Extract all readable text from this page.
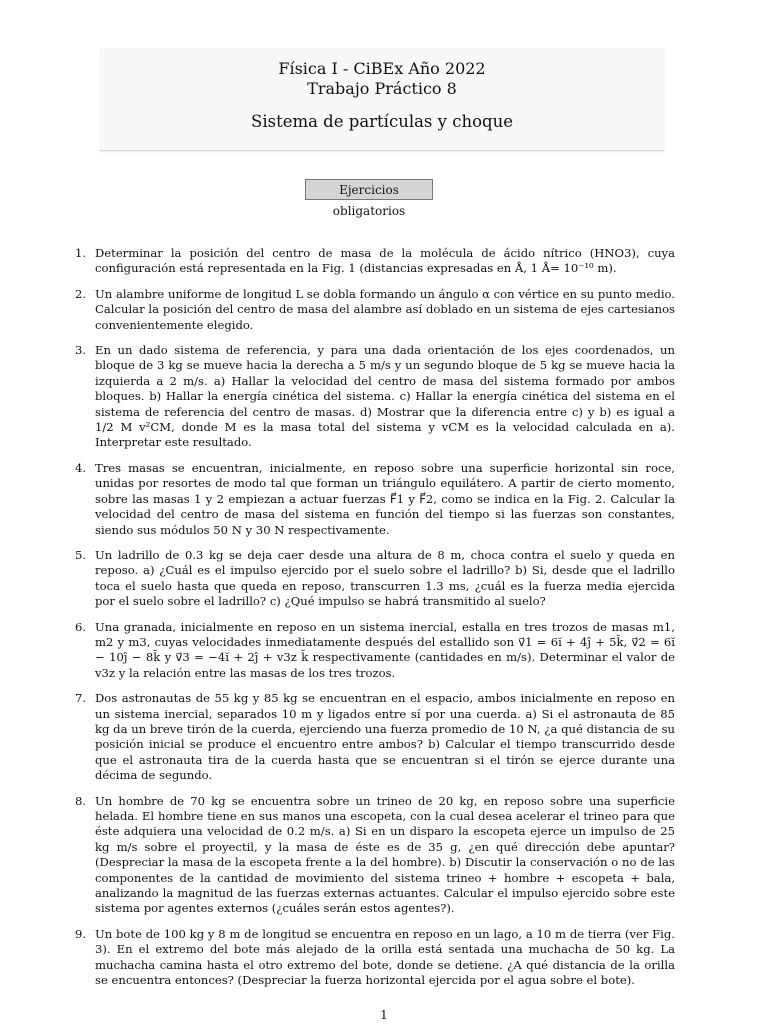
Física I - CiBEx Año 2022
Trabajo Práctico 8
Sistema de partículas y choque
Ejercicios obligatorios
1. Determinar la posición del centro de masa de la molécula de ácido nítrico (HNO3), cuya configuración está representada en la Fig. 1 (distancias expresadas en Å, 1 Å= 10⁻¹⁰ m).
2. Un alambre uniforme de longitud L se dobla formando un ángulo α con vértice en su punto medio. Calcular la posición del centro de masa del alambre así doblado en un sistema de ejes cartesianos convenientemente elegido.
3. En un dado sistema de referencia, y para una dada orientación de los ejes coordenados, un bloque de 3 kg se mueve hacia la derecha a 5 m/s y un segundo bloque de 5 kg se mueve hacia la izquierda a 2 m/s. a) Hallar la velocidad del centro de masa del sistema formado por ambos bloques. b) Hallar la energía cinética del sistema. c) Hallar la energía cinética del sistema en el sistema de referencia del centro de masas. d) Mostrar que la diferencia entre c) y b) es igual a 1/2 M v²CM, donde M es la masa total del sistema y vCM es la velocidad calculada en a). Interpretar este resultado.
4. Tres masas se encuentran, inicialmente, en reposo sobre una superficie horizontal sin roce, unidas por resortes de modo tal que forman un triángulo equilátero. A partir de cierto momento, sobre las masas 1 y 2 empiezan a actuar fuerzas F⃗1 y F⃗2, como se indica en la Fig. 2. Calcular la velocidad del centro de masa del sistema en función del tiempo si las fuerzas son constantes, siendo sus módulos 50 N y 30 N respectivamente.
5. Un ladrillo de 0.3 kg se deja caer desde una altura de 8 m, choca contra el suelo y queda en reposo. a) ¿Cuál es el impulso ejercido por el suelo sobre el ladrillo? b) Si, desde que el ladrillo toca el suelo hasta que queda en reposo, transcurren 1.3 ms, ¿cuál es la fuerza media ejercida por el suelo sobre el ladrillo? c) ¿Qué impulso se habrá transmitido al suelo?
6. Una granada, inicialmente en reposo en un sistema inercial, estalla en tres trozos de masas m1, m2 y m3, cuyas velocidades inmediatamente después del estallido son v⃗1 = 6ĭ + 4ĵ + 5k̆, v⃗2 = 6ĭ − 10ĵ − 8k̆ y v⃗3 = −4ĭ + 2ĵ + v3z k̆ respectivamente (cantidades en m/s). Determinar el valor de v3z y la relación entre las masas de los tres trozos.
7. Dos astronautas de 55 kg y 85 kg se encuentran en el espacio, ambos inicialmente en reposo en un sistema inercial, separados 10 m y ligados entre sí por una cuerda. a) Si el astronauta de 85 kg da un breve tirón de la cuerda, ejerciendo una fuerza promedio de 10 N, ¿a qué distancia de su posición inicial se produce el encuentro entre ambos? b) Calcular el tiempo transcurrido desde que el astronauta tira de la cuerda hasta que se encuentran si el tirón se ejerce durante una décima de segundo.
8. Un hombre de 70 kg se encuentra sobre un trineo de 20 kg, en reposo sobre una superficie helada. El hombre tiene en sus manos una escopeta, con la cual desea acelerar el trineo para que éste adquiera una velocidad de 0.2 m/s. a) Si en un disparo la escopeta ejerce un impulso de 25 kg m/s sobre el proyectil, y la masa de éste es de 35 g, ¿en qué dirección debe apuntar? (Despreciar la masa de la escopeta frente a la del hombre). b) Discutir la conservación o no de las componentes de la cantidad de movimiento del sistema trineo + hombre + escopeta + bala, analizando la magnitud de las fuerzas externas actuantes. Calcular el impulso ejercido sobre este sistema por agentes externos (¿cuáles serán estos agentes?).
9. Un bote de 100 kg y 8 m de longitud se encuentra en reposo en un lago, a 10 m de tierra (ver Fig. 3). En el extremo del bote más alejado de la orilla está sentada una muchacha de 50 kg. La muchacha camina hasta el otro extremo del bote, donde se detiene. ¿A qué distancia de la orilla se encuentra entonces? (Despreciar la fuerza horizontal ejercida por el agua sobre el bote).
1
